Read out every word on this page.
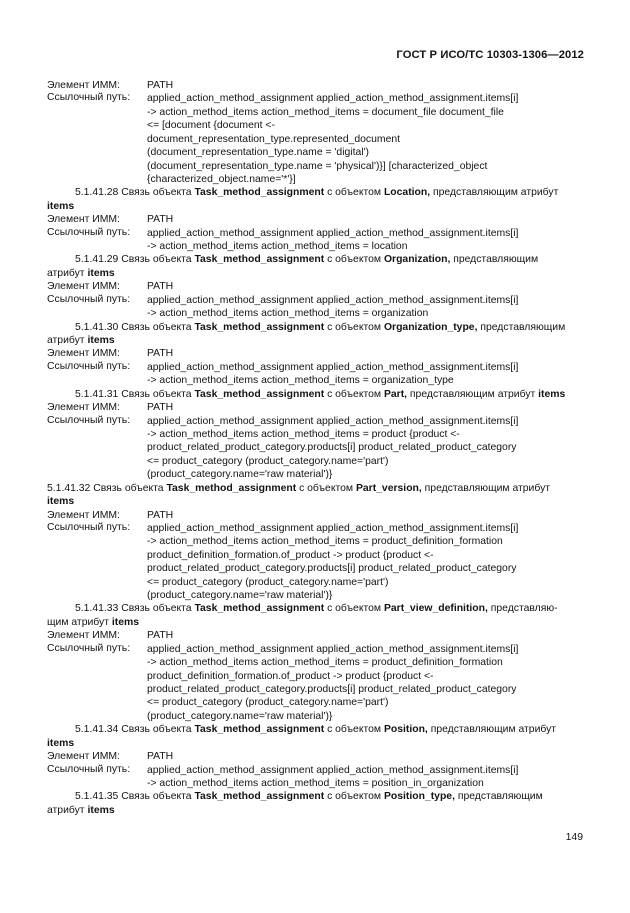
ГОСТ Р ИСО/ТС 10303-1306—2012
Элемент ИММ:	PATH
Ссылочный путь:	applied_action_method_assignment applied_action_method_assignment.items[i]
-> action_method_items action_method_items = document_file document_file
<= [document {document <-
document_representation_type.represented_document
(document_representation_type.name = 'digital')
(document_representation_type.name = 'physical')}] [characterized_object
{characterized_object.name='*'}]
5.1.41.28 Связь объекта Task_method_assignment с объектом Location, представляющим атрибут
items
Элемент ИММ:	PATH
Ссылочный путь:	applied_action_method_assignment applied_action_method_assignment.items[i]
-> action_method_items action_method_items = location
5.1.41.29 Связь объекта Task_method_assignment с объектом Organization, представляющим
атрибут items
Элемент ИММ:	PATH
Ссылочный путь:	applied_action_method_assignment applied_action_method_assignment.items[i]
-> action_method_items action_method_items = organization
5.1.41.30 Связь объекта Task_method_assignment с объектом Organization_type, представляющим
атрибут items
Элемент ИММ:	PATH
Ссылочный путь:	applied_action_method_assignment applied_action_method_assignment.items[i]
-> action_method_items action_method_items = organization_type
5.1.41.31 Связь объекта Task_method_assignment с объектом Part, представляющим атрибут items
Элемент ИММ:	PATH
Ссылочный путь:	applied_action_method_assignment applied_action_method_assignment.items[i]
-> action_method_items action_method_items = product {product <-
product_related_product_category.products[i] product_related_product_category
<= product_category (product_category.name='part')
(product_category.name='raw material')}
5.1.41.32 Связь объекта Task_method_assignment с объектом Part_version, представляющим атрибут
items
Элемент ИММ:	PATH
Ссылочный путь:	applied_action_method_assignment applied_action_method_assignment.items[i]
-> action_method_items action_method_items = product_definition_formation
product_definition_formation.of_product -> product {product <-
product_related_product_category.products[i] product_related_product_category
<= product_category (product_category.name='part')
(product_category.name='raw material')}
5.1.41.33 Связь объекта Task_method_assignment с объектом Part_view_definition, представляю-
щим атрибут items
Элемент ИММ:	PATH
Ссылочный путь:	applied_action_method_assignment applied_action_method_assignment.items[i]
-> action_method_items action_method_items = product_definition_formation
product_definition_formation.of_product -> product {product <-
product_related_product_category.products[i] product_related_product_category
<= product_category (product_category.name='part')
(product_category.name='raw material')}
5.1.41.34 Связь объекта Task_method_assignment с объектом Position, представляющим атрибут
items
Элемент ИММ:	PATH
Ссылочный путь:	applied_action_method_assignment applied_action_method_assignment.items[i]
-> action_method_items action_method_items = position_in_organization
5.1.41.35 Связь объекта Task_method_assignment с объектом Position_type, представляющим
атрибут items
149
